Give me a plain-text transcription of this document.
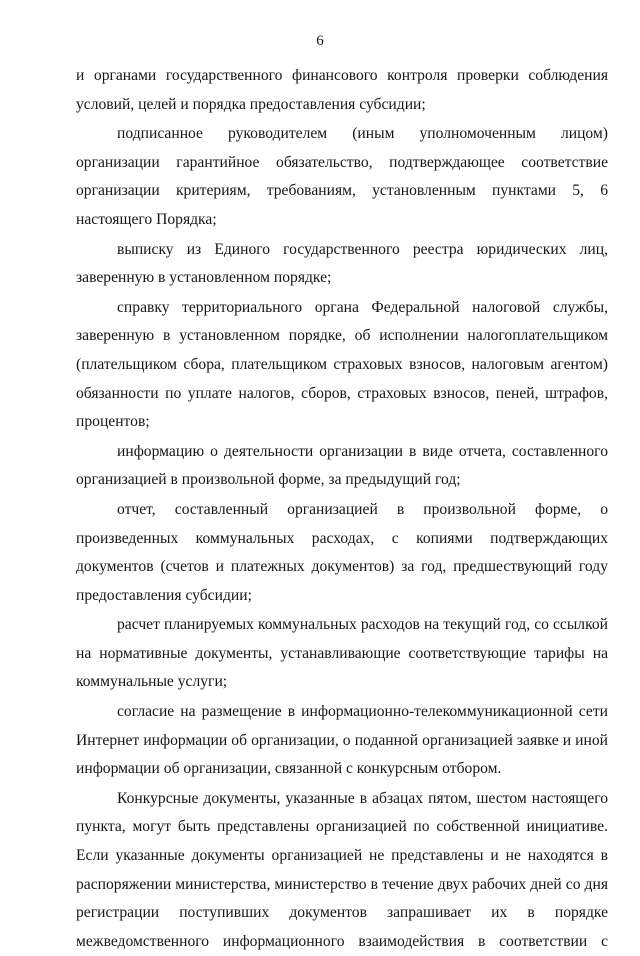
6

и органами государственного финансового контроля проверки соблюдения условий, целей и порядка предоставления субсидии;

подписанное руководителем (иным уполномоченным лицом) организации гарантийное обязательство, подтверждающее соответствие организации критериям, требованиям, установленным пунктами 5, 6 настоящего Порядка;

выписку из Единого государственного реестра юридических лиц, заверенную в установленном порядке;

справку территориального органа Федеральной налоговой службы, заверенную в установленном порядке, об исполнении налогоплательщиком (плательщиком сбора, плательщиком страховых взносов, налоговым агентом) обязанности по уплате налогов, сборов, страховых взносов, пеней, штрафов, процентов;

информацию о деятельности организации в виде отчета, составленного организацией в произвольной форме, за предыдущий год;

отчет, составленный организацией в произвольной форме, о произведенных коммунальных расходах, с копиями подтверждающих документов (счетов и платежных документов) за год, предшествующий году предоставления субсидии;

расчет планируемых коммунальных расходов на текущий год, со ссылкой на нормативные документы, устанавливающие соответствующие тарифы на коммунальные услуги;

согласие на размещение в информационно-телекоммуникационной сети Интернет информации об организации, о поданной организацией заявке и иной информации об организации, связанной с конкурсным отбором.

Конкурсные документы, указанные в абзацах пятом, шестом настоящего пункта, могут быть представлены организацией по собственной инициативе. Если указанные документы организацией не представлены и не находятся в распоряжении министерства, министерство в течение двух рабочих дней со дня регистрации поступивших документов запрашивает их в порядке межведомственного информационного взаимодействия в соответствии с
